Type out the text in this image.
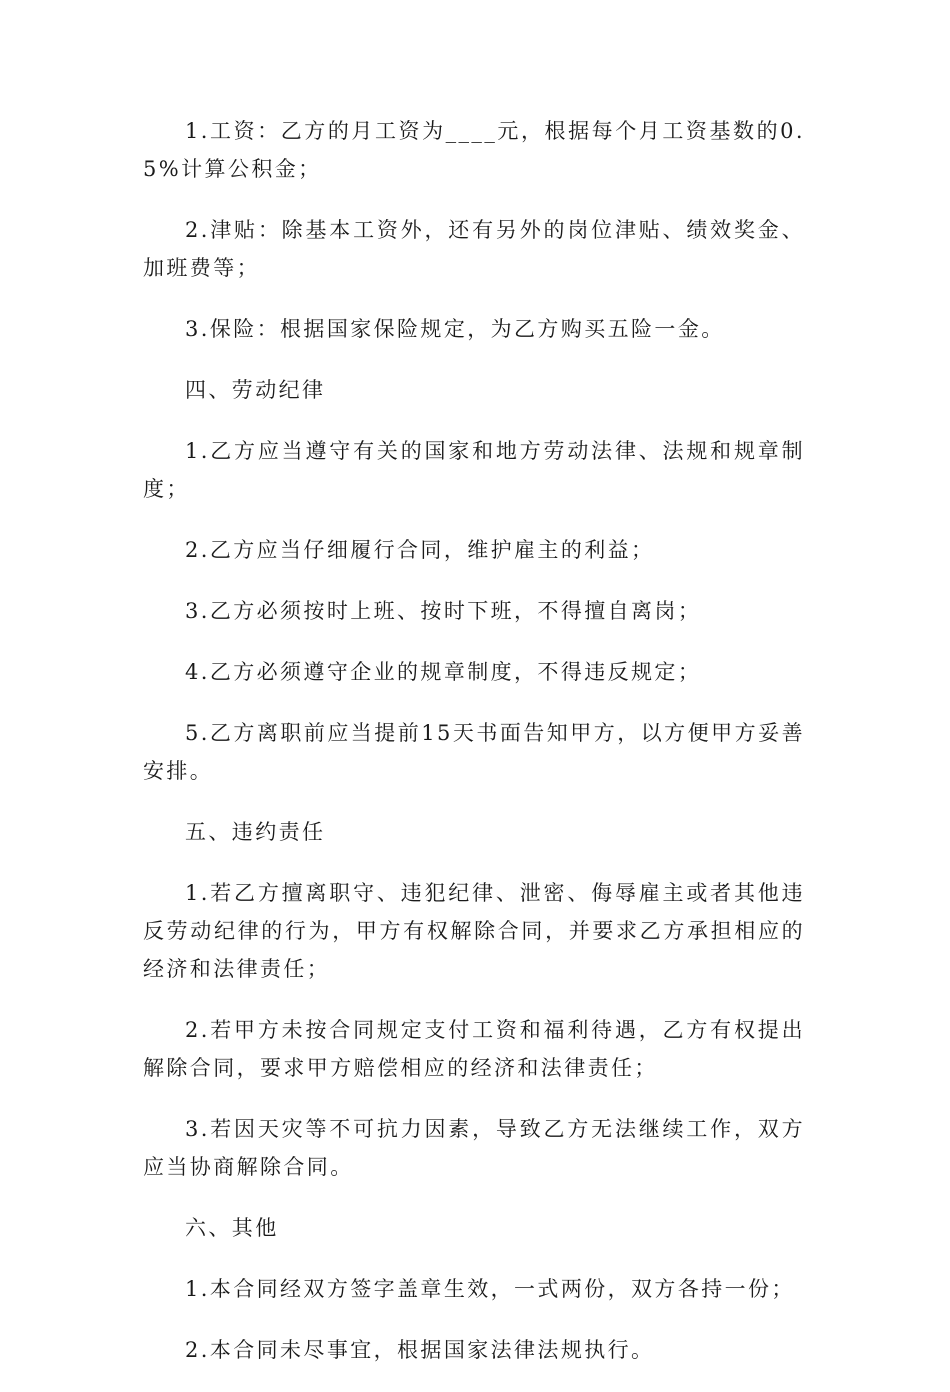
1.工资：乙方的月工资为____元，根据每个月工资基数的0.5%计算公积金；

2.津贴：除基本工资外，还有另外的岗位津贴、绩效奖金、加班费等；

3.保险：根据国家保险规定，为乙方购买五险一金。

四、劳动纪律

1.乙方应当遵守有关的国家和地方劳动法律、法规和规章制度；

2.乙方应当仔细履行合同，维护雇主的利益；

3.乙方必须按时上班、按时下班，不得擅自离岗；

4.乙方必须遵守企业的规章制度，不得违反规定；

5.乙方离职前应当提前15天书面告知甲方，以方便甲方妥善安排。

五、违约责任

1.若乙方擅离职守、违犯纪律、泄密、侮辱雇主或者其他违反劳动纪律的行为，甲方有权解除合同，并要求乙方承担相应的经济和法律责任；

2.若甲方未按合同规定支付工资和福利待遇，乙方有权提出解除合同，要求甲方赔偿相应的经济和法律责任；

3.若因天灾等不可抗力因素，导致乙方无法继续工作，双方应当协商解除合同。

六、其他

1.本合同经双方签字盖章生效，一式两份，双方各持一份；

2.本合同未尽事宜，根据国家法律法规执行。
